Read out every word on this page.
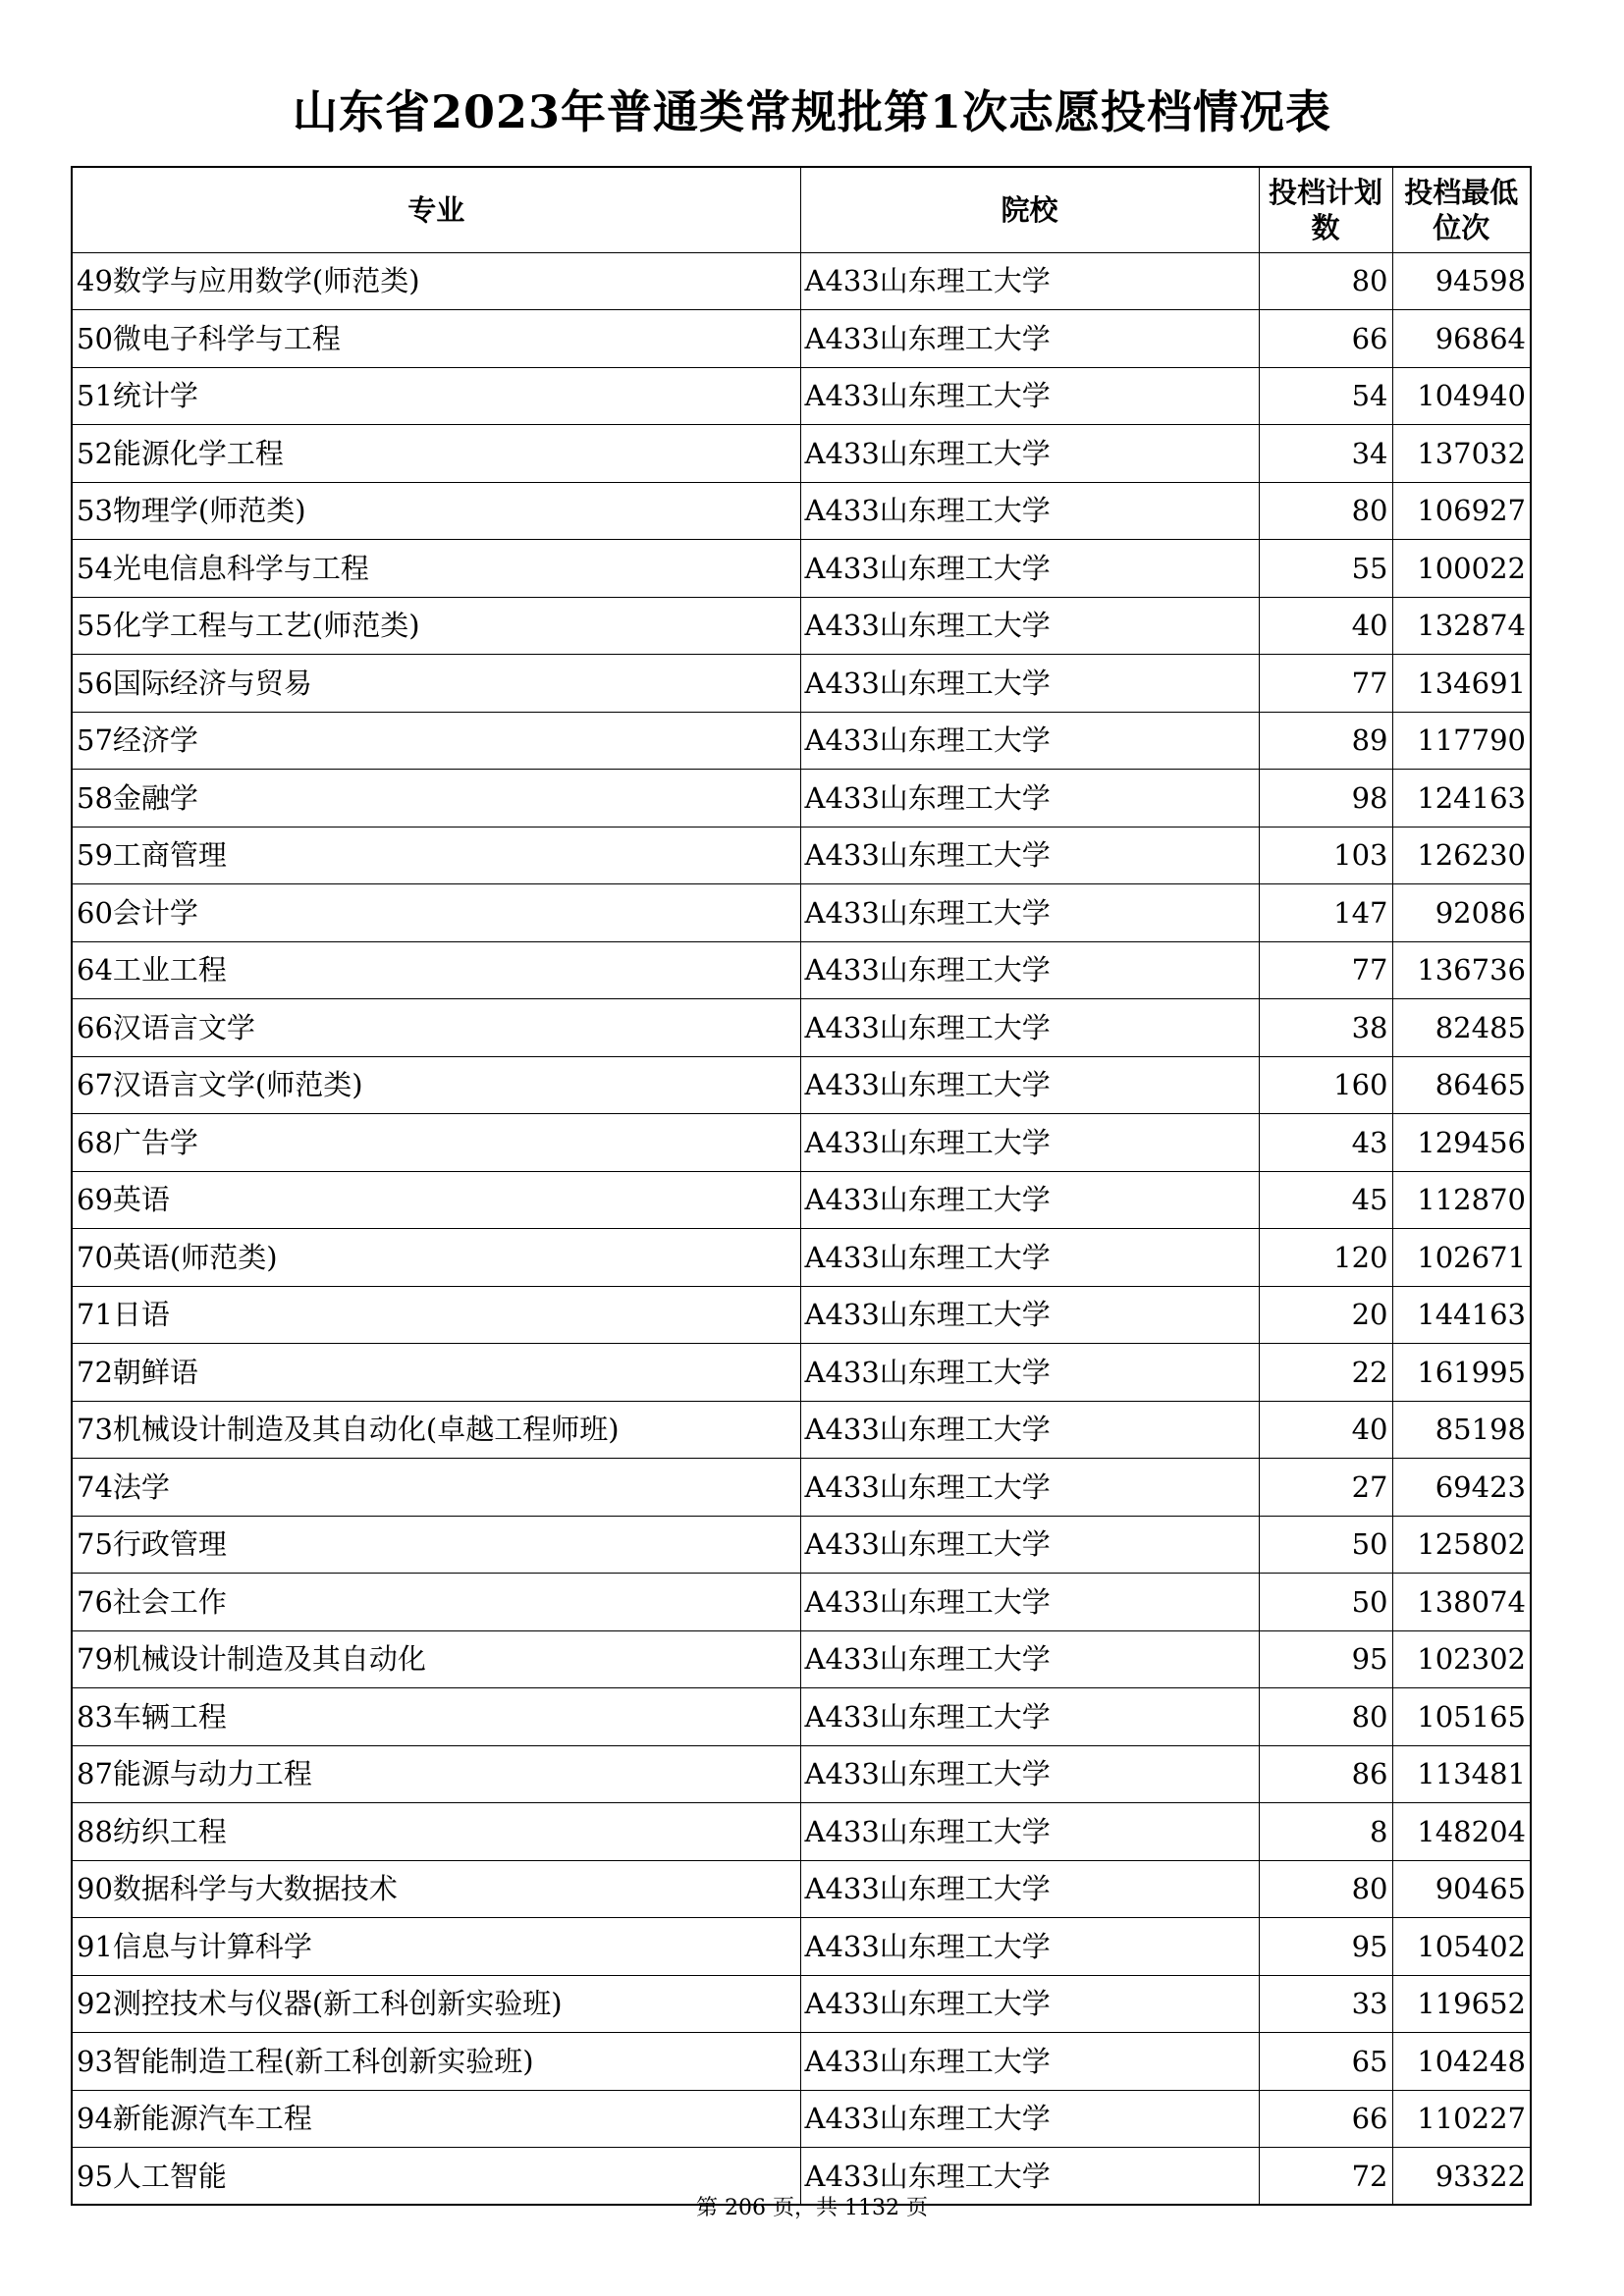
山东省2023年普通类常规批第1次志愿投档情况表
专业	院校	投档计划数	投档最低位次
49数学与应用数学(师范类)	A433山东理工大学	80	94598
50微电子科学与工程	A433山东理工大学	66	96864
51统计学	A433山东理工大学	54	104940
52能源化学工程	A433山东理工大学	34	137032
53物理学(师范类)	A433山东理工大学	80	106927
54光电信息科学与工程	A433山东理工大学	55	100022
55化学工程与工艺(师范类)	A433山东理工大学	40	132874
56国际经济与贸易	A433山东理工大学	77	134691
57经济学	A433山东理工大学	89	117790
58金融学	A433山东理工大学	98	124163
59工商管理	A433山东理工大学	103	126230
60会计学	A433山东理工大学	147	92086
64工业工程	A433山东理工大学	77	136736
66汉语言文学	A433山东理工大学	38	82485
67汉语言文学(师范类)	A433山东理工大学	160	86465
68广告学	A433山东理工大学	43	129456
69英语	A433山东理工大学	45	112870
70英语(师范类)	A433山东理工大学	120	102671
71日语	A433山东理工大学	20	144163
72朝鲜语	A433山东理工大学	22	161995
73机械设计制造及其自动化(卓越工程师班)	A433山东理工大学	40	85198
74法学	A433山东理工大学	27	69423
75行政管理	A433山东理工大学	50	125802
76社会工作	A433山东理工大学	50	138074
79机械设计制造及其自动化	A433山东理工大学	95	102302
83车辆工程	A433山东理工大学	80	105165
87能源与动力工程	A433山东理工大学	86	113481
88纺织工程	A433山东理工大学	8	148204
90数据科学与大数据技术	A433山东理工大学	80	90465
91信息与计算科学	A433山东理工大学	95	105402
92测控技术与仪器(新工科创新实验班)	A433山东理工大学	33	119652
93智能制造工程(新工科创新实验班)	A433山东理工大学	65	104248
94新能源汽车工程	A433山东理工大学	66	110227
95人工智能	A433山东理工大学	72	93322
第 206 页，共 1132 页
